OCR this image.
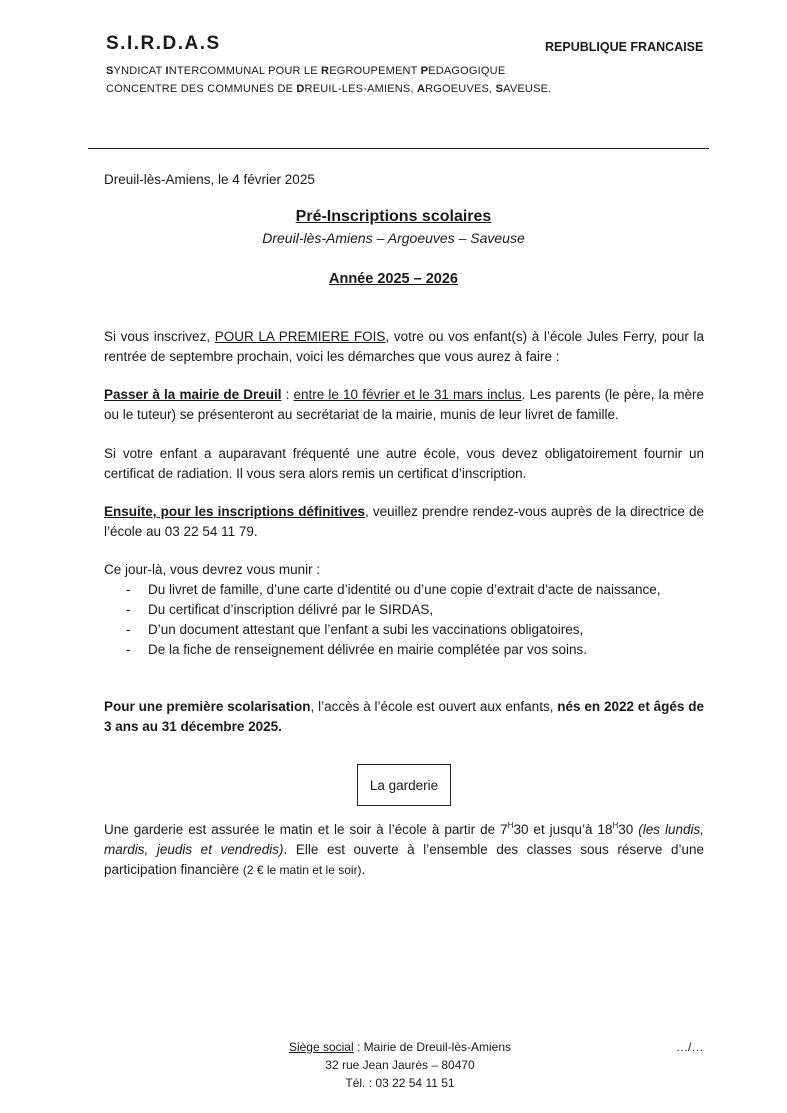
S.I.R.D.A.S	REPUBLIQUE FRANCAISE
SYNDICAT INTERCOMMUNAL POUR LE REGROUPEMENT PEDAGOGIQUE
CONCENTRE DES COMMUNES DE DREUIL-LES-AMIENS, ARGOEUVES, SAVEUSE.
Dreuil-lès-Amiens, le 4 février 2025
Pré-Inscriptions scolaires
Dreuil-lès-Amiens – Argoeuves – Saveuse
Année 2025 – 2026
Si vous inscrivez, POUR LA PREMIERE FOIS, votre ou vos enfant(s) à l’école Jules Ferry, pour la rentrée de septembre prochain, voici les démarches que vous aurez à faire :
Passer à la mairie de Dreuil : entre le 10 février et le 31 mars inclus. Les parents (le père, la mère ou le tuteur) se présenteront au secrétariat de la mairie, munis de leur livret de famille.
Si votre enfant a auparavant fréquenté une autre école, vous devez obligatoirement fournir un certificat de radiation. Il vous sera alors remis un certificat d’inscription.
Ensuite, pour les inscriptions définitives, veuillez prendre rendez-vous auprès de la directrice de l’école au 03 22 54 11 79.
Ce jour-là, vous devrez vous munir :
- Du livret de famille, d’une carte d’identité ou d’une copie d’extrait d’acte de naissance,
- Du certificat d’inscription délivré par le SIRDAS,
- D’un document attestant que l’enfant a subi les vaccinations obligatoires,
- De la fiche de renseignement délivrée en mairie complétée par vos soins.
Pour une première scolarisation, l’accès à l’école est ouvert aux enfants, nés en 2022 et âgés de 3 ans au 31 décembre 2025.
La garderie
Une garderie est assurée le matin et le soir à l’école à partir de $7^H30$ et jusqu’à $18^H30$ (les lundis, mardis, jeudis et vendredis). Elle est ouverte à l’ensemble des classes sous réserve d’une participation financière (2 € le matin et le soir).
Siège social : Mairie de Dreuil-lès-Amiens
32 rue Jean Jaurès – 80470
Tél. : 03 22 54 11 51
…/…
